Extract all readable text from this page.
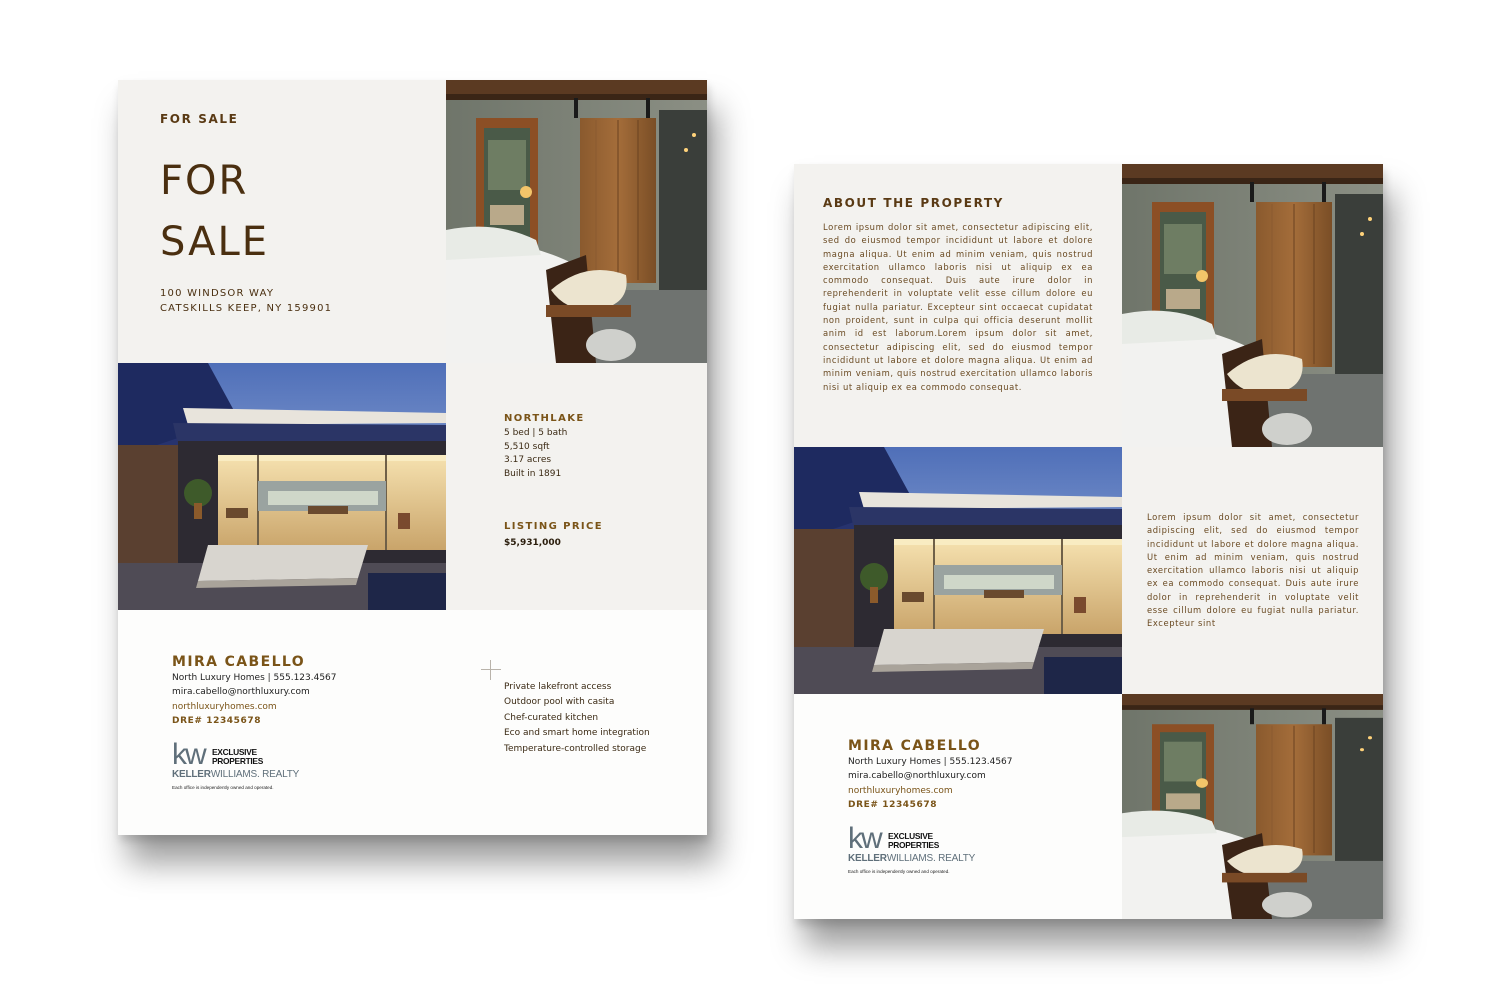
FOR SALE
FOR
SALE
100 WINDSOR WAY
CATSKILLS KEEP, NY 159901
NORTHLAKE
5 bed | 5 bath
5,510 sqft
3.17 acres
Built in 1891
LISTING PRICE
$5,931,000
MIRA CABELLO
North Luxury Homes | 555.123.4567
mira.cabello@northluxury.com
northluxuryhomes.com
DRE# 12345678
kw EXCLUSIVE
PROPERTIES
KELLERWILLIAMS. REALTY
Each office is independently owned and operated.
Private lakefront access
Outdoor pool with casita
Chef-curated kitchen
Eco and smart home integration
Temperature-controlled storage
ABOUT THE PROPERTY
Lorem ipsum dolor sit amet, consectetur adipiscing elit, sed do eiusmod tempor incididunt ut labore et dolore magna aliqua. Ut enim ad minim veniam, quis nostrud exercitation ullamco laboris nisi ut aliquip ex ea commodo consequat. Duis aute irure dolor in reprehenderit in voluptate velit esse cillum dolore eu fugiat nulla pariatur. Excepteur sint occaecat cupidatat non proident, sunt in culpa qui officia deserunt mollit anim id est laborum.Lorem ipsum dolor sit amet, consectetur adipiscing elit, sed do eiusmod tempor incididunt ut labore et dolore magna aliqua. Ut enim ad minim veniam, quis nostrud exercitation ullamco laboris nisi ut aliquip ex ea commodo consequat.
Lorem ipsum dolor sit amet, consectetur adipiscing elit, sed do eiusmod tempor incididunt ut labore et dolore magna aliqua. Ut enim ad minim veniam, quis nostrud exercitation ullamco laboris nisi ut aliquip ex ea commodo consequat. Duis aute irure dolor in reprehenderit in voluptate velit esse cillum dolore eu fugiat nulla pariatur. Excepteur sint
MIRA CABELLO
North Luxury Homes | 555.123.4567
mira.cabello@northluxury.com
northluxuryhomes.com
DRE# 12345678
kw EXCLUSIVE
PROPERTIES
KELLERWILLIAMS. REALTY
Each office is independently owned and operated.
